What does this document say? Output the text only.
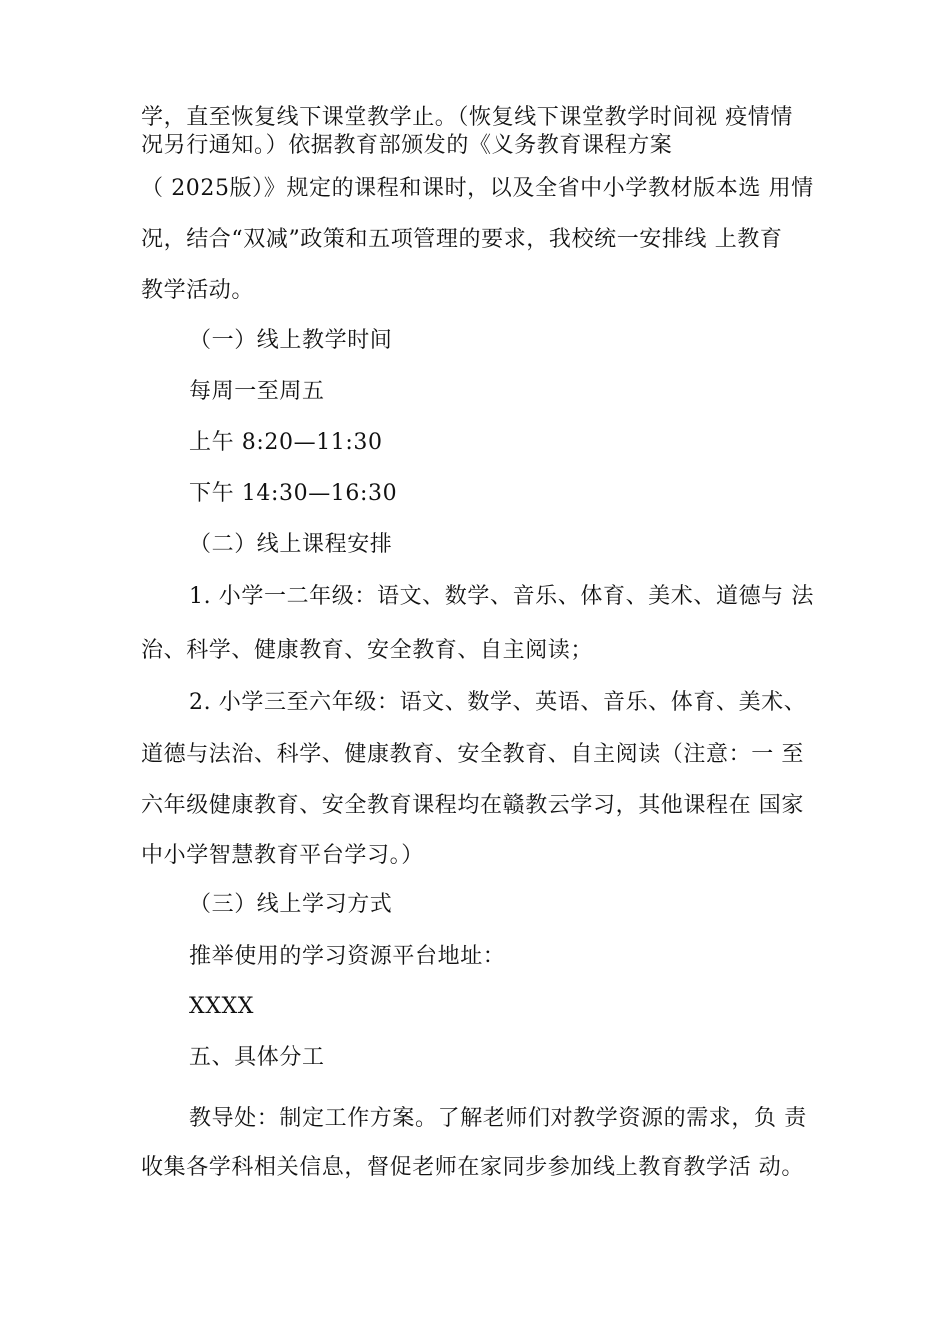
学，直至恢复线下课堂教学止。（恢复线下课堂教学时间视 疫情情
况另行通知。）依据教育部颁发的《义务教育课程方案
（ 2025版）》规定的课程和课时，以及全省中小学教材版本选 用情
况，结合“双减”政策和五项管理的要求，我校统一安排线 上教育
教学活动。
（一）线上教学时间
每周一至周五
上午 8:20—11:30
下午 14:30—16:30
（二）线上课程安排
1. 小学一二年级：语文、数学、音乐、体育、美术、道德与 法
治、科学、健康教育、安全教育、自主阅读；
2. 小学三至六年级：语文、数学、英语、音乐、体育、美术、
道德与法治、科学、健康教育、安全教育、自主阅读（注意：一 至
六年级健康教育、安全教育课程均在赣教云学习，其他课程在 国家
中小学智慧教育平台学习。）
（三）线上学习方式
推举使用的学习资源平台地址：
XXXX
五、具体分工
教导处：制定工作方案。了解老师们对教学资源的需求，负 责
收集各学科相关信息，督促老师在家同步参加线上教育教学活 动。
